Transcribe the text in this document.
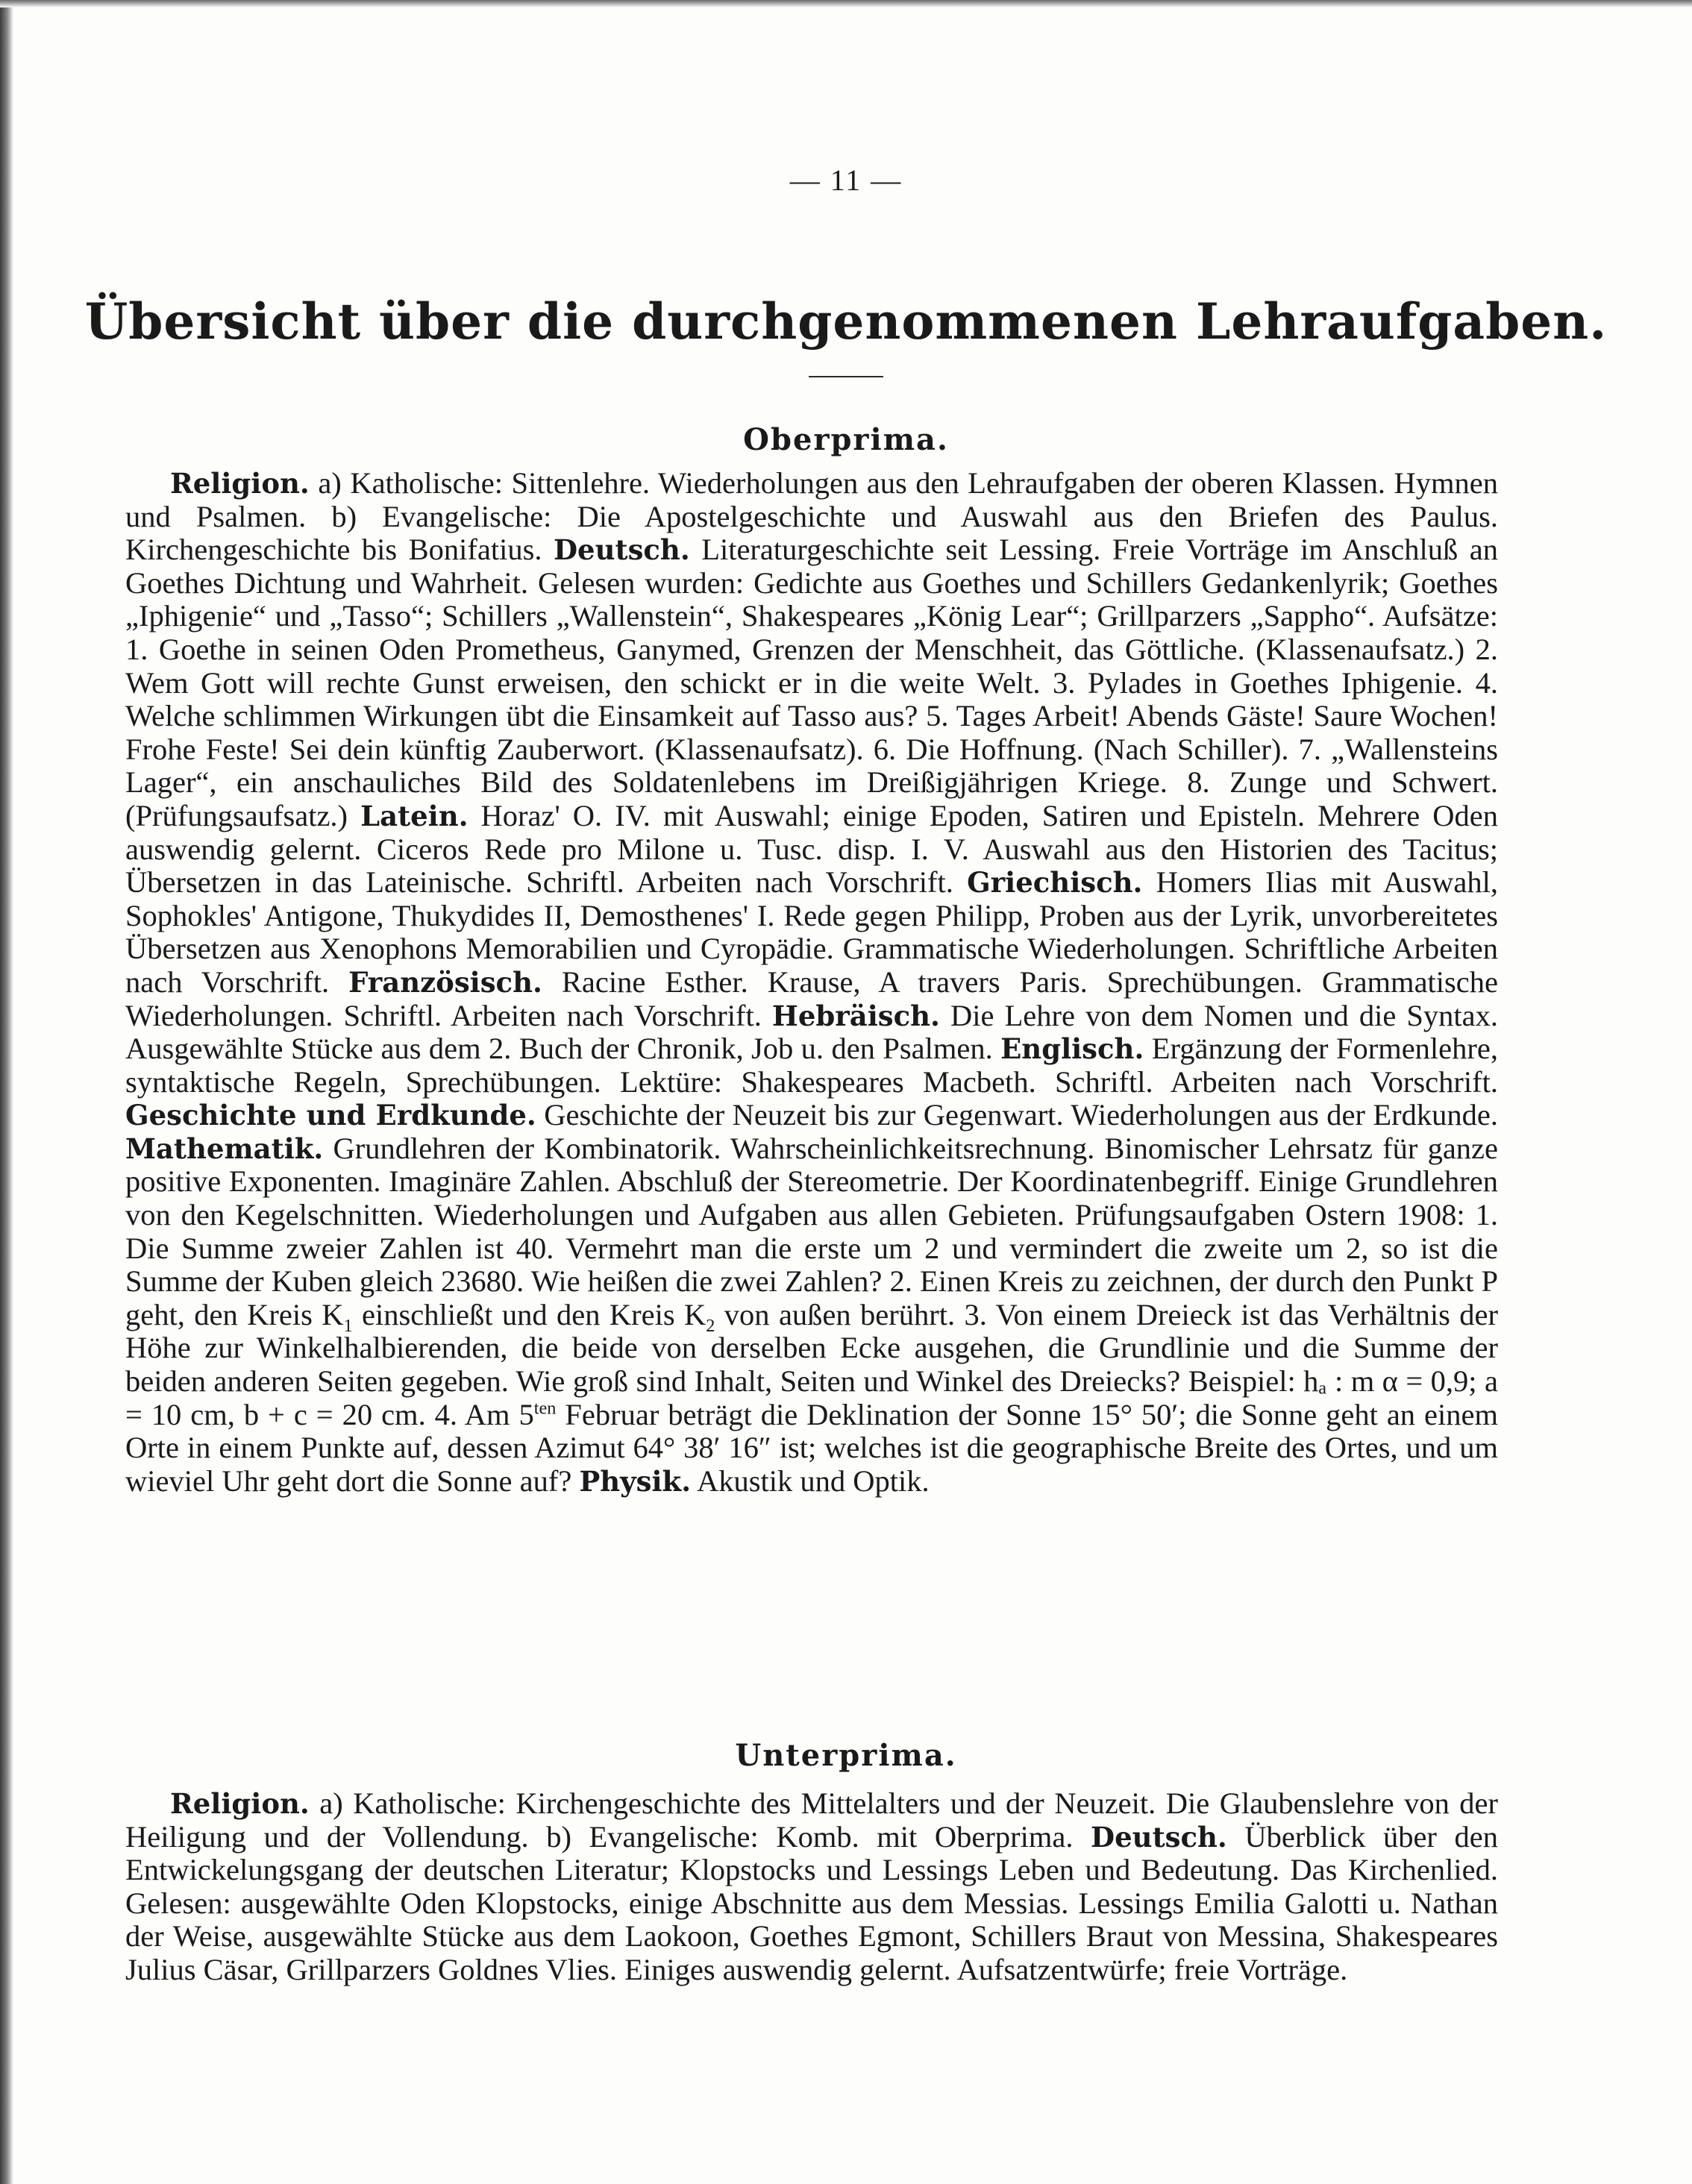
— 11 —
Übersicht über die durchgenommenen Lehraufgaben.
Oberprima.

Religion. a) Katholische: Sittenlehre. Wiederholungen aus den Lehraufgaben der oberen Klassen. Hymnen und Psalmen. b) Evangelische: Die Apostelgeschichte und Auswahl aus den Briefen des Paulus. Kirchengeschichte bis Bonifatius. Deutsch. Literaturgeschichte seit Lessing. Freie Vorträge im Anschluß an Goethes Dichtung und Wahrheit. Gelesen wurden: Gedichte aus Goethes und Schillers Gedankenlyrik; Goethes „Iphigenie“ und „Tasso“; Schillers „Wallenstein“, Shakespeares „König Lear“; Grillparzers „Sappho“. Aufsätze: 1. Goethe in seinen Oden Prometheus, Ganymed, Grenzen der Menschheit, das Göttliche. (Klassenaufsatz.) 2. Wem Gott will rechte Gunst erweisen, den schickt er in die weite Welt. 3. Pylades in Goethes Iphigenie. 4. Welche schlimmen Wirkungen übt die Einsamkeit auf Tasso aus? 5. Tages Arbeit! Abends Gäste! Saure Wochen! Frohe Feste! Sei dein künftig Zauberwort. (Klassenaufsatz). 6. Die Hoffnung. (Nach Schiller). 7. „Wallensteins Lager“, ein anschauliches Bild des Soldatenlebens im Dreißigjährigen Kriege. 8. Zunge und Schwert. (Prüfungsaufsatz.) Latein. Horaz' O. IV. mit Auswahl; einige Epoden, Satiren und Episteln. Mehrere Oden auswendig gelernt. Ciceros Rede pro Milone u. Tusc. disp. I. V. Auswahl aus den Historien des Tacitus; Übersetzen in das Lateinische. Schriftl. Arbeiten nach Vorschrift. Griechisch. Homers Ilias mit Auswahl, Sophokles' Antigone, Thukydides II, Demosthenes' I. Rede gegen Philipp, Proben aus der Lyrik, unvorbereitetes Übersetzen aus Xenophons Memorabilien und Cyropädie. Grammatische Wiederholungen. Schriftliche Arbeiten nach Vorschrift. Französisch. Racine Esther. Krause, A travers Paris. Sprechübungen. Grammatische Wiederholungen. Schriftl. Arbeiten nach Vorschrift. Hebräisch. Die Lehre von dem Nomen und die Syntax. Ausgewählte Stücke aus dem 2. Buch der Chronik, Job u. den Psalmen. Englisch. Ergänzung der Formenlehre, syntaktische Regeln, Sprechübungen. Lektüre: Shakespeares Macbeth. Schriftl. Arbeiten nach Vorschrift. Geschichte und Erdkunde. Geschichte der Neuzeit bis zur Gegenwart. Wiederholungen aus der Erdkunde. Mathematik. Grundlehren der Kombinatorik. Wahrscheinlichkeitsrechnung. Binomischer Lehrsatz für ganze positive Exponenten. Imaginäre Zahlen. Abschluß der Stereometrie. Der Koordinatenbegriff. Einige Grundlehren von den Kegelschnitten. Wiederholungen und Aufgaben aus allen Gebieten. Prüfungsaufgaben Ostern 1908: 1. Die Summe zweier Zahlen ist 40. Vermehrt man die erste um 2 und vermindert die zweite um 2, so ist die Summe der Kuben gleich 23680. Wie heißen die zwei Zahlen? 2. Einen Kreis zu zeichnen, der durch den Punkt P geht, den Kreis $K_1$ einschließt und den Kreis $K_2$ von außen berührt. 3. Von einem Dreieck ist das Verhältnis der Höhe zur Winkelhalbierenden, die beide von derselben Ecke ausgehen, die Grundlinie und die Summe der beiden anderen Seiten gegeben. Wie groß sind Inhalt, Seiten und Winkel des Dreiecks? Beispiel: hₐ : m α = 0,9; a = 10 cm, b + c = 20 cm. 4. Am $5^{ten}$ Februar beträgt die Deklination der Sonne 15° 50′; die Sonne geht an einem Orte in einem Punkte auf, dessen Azimut 64° 38′ 16″ ist; welches ist die geographische Breite des Ortes, und um wieviel Uhr geht dort die Sonne auf? Physik. Akustik und Optik.

Unterprima.

Religion. a) Katholische: Kirchengeschichte des Mittelalters und der Neuzeit. Die Glaubenslehre von der Heiligung und der Vollendung. b) Evangelische: Komb. mit Oberprima. Deutsch. Überblick über den Entwickelungsgang der deutschen Literatur; Klopstocks und Lessings Leben und Bedeutung. Das Kirchenlied. Gelesen: ausgewählte Oden Klopstocks, einige Abschnitte aus dem Messias. Lessings Emilia Galotti u. Nathan der Weise, ausgewählte Stücke aus dem Laokoon, Goethes Egmont, Schillers Braut von Messina, Shakespeares Julius Cäsar, Grillparzers Goldnes Vlies. Einiges auswendig gelernt. Aufsatzentwürfe; freie Vorträge.
